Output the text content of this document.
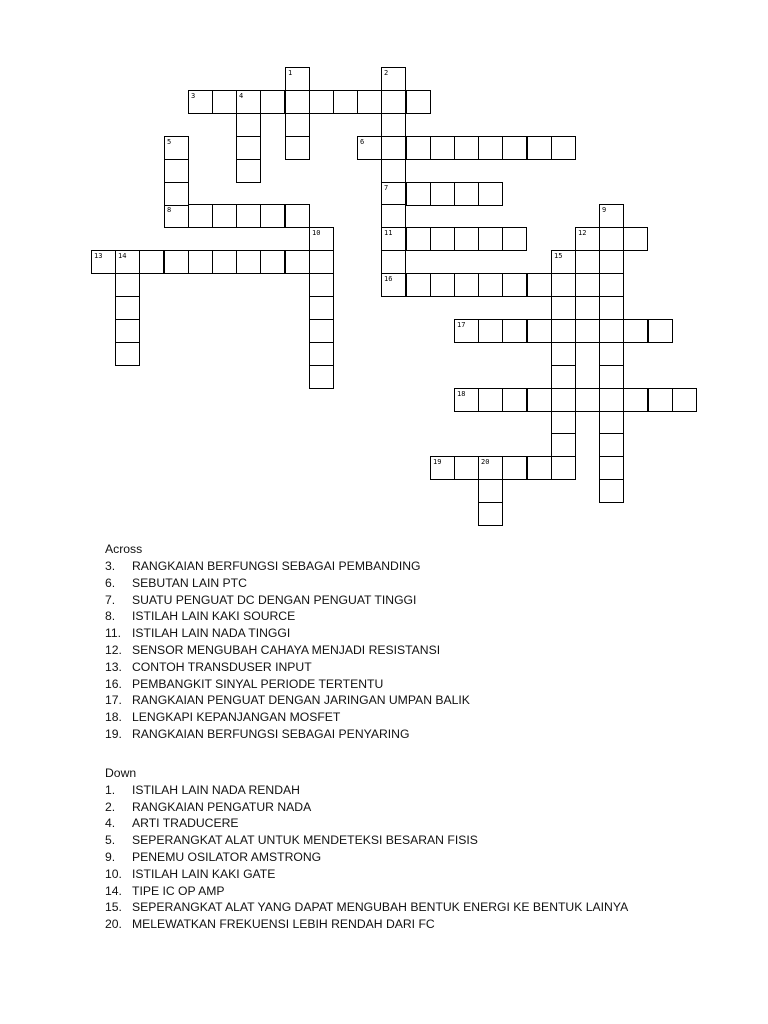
3	4
6
7
8
11	12
13 14
16
17
18
19	20
1	2
5
9
10
15
Across
3. RANGKAIAN BERFUNGSI SEBAGAI PEMBANDING
6. SEBUTAN LAIN PTC
7. SUATU PENGUAT DC DENGAN PENGUAT TINGGI
8. ISTILAH LAIN KAKI SOURCE
11. ISTILAH LAIN NADA TINGGI
12. SENSOR MENGUBAH CAHAYA MENJADI RESISTANSI
13. CONTOH TRANSDUSER INPUT
16. PEMBANGKIT SINYAL PERIODE TERTENTU
17. RANGKAIAN PENGUAT DENGAN JARINGAN UMPAN BALIK
18. LENGKAPI KEPANJANGAN MOSFET
19. RANGKAIAN BERFUNGSI SEBAGAI PENYARING
Down
1. ISTILAH LAIN NADA RENDAH
2. RANGKAIAN PENGATUR NADA
4. ARTI TRADUCERE
5. SEPERANGKAT ALAT UNTUK MENDETEKSI BESARAN FISIS
9. PENEMU OSILATOR AMSTRONG
10. ISTILAH LAIN KAKI GATE
14. TIPE IC OP AMP
15. SEPERANGKAT ALAT YANG DAPAT MENGUBAH BENTUK ENERGI KE BENTUK LAINYA
20. MELEWATKAN FREKUENSI LEBIH RENDAH DARI FC
